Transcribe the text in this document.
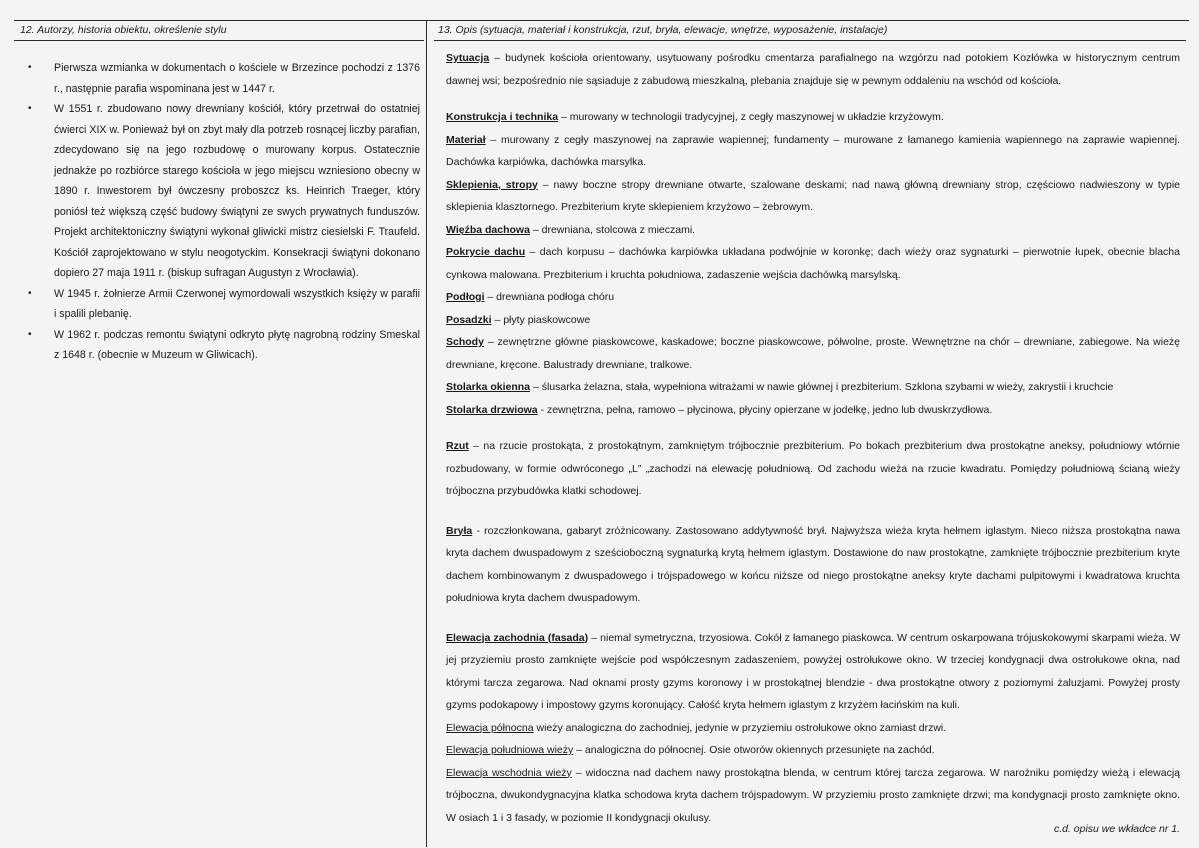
12. Autorzy, historia obiektu, określenie stylu
• Pierwsza wzmianka w dokumentach o kościele w Brzezince pochodzi z 1376 r., następnie parafia wspominana jest w 1447 r.
• W 1551 r. zbudowano nowy drewniany kościół, który przetrwał do ostatniej ćwierci XIX w. Ponieważ był on zbyt mały dla potrzeb rosnącej liczby parafian, zdecydowano się na jego rozbudowę o murowany korpus. Ostatecznie jednakże po rozbiórce starego kościoła w jego miejscu wzniesiono obecny w 1890 r. Inwestorem był ówczesny proboszcz ks. Heinrich Traeger, który poniósł też większą część budowy świątyni ze swych prywatnych funduszów. Projekt architektoniczny świątyni wykonał gliwicki mistrz ciesielski F. Traufeld. Kościół zaprojektowano w stylu neogotyckim. Konsekracji świątyni dokonano dopiero 27 maja 1911 r. (biskup sufragan Augustyn z Wrocławia).
• W 1945 r. żołnierze Armii Czerwonej wymordowali wszystkich księży w parafii i spalili plebanię.
• W 1962 r. podczas remontu świątyni odkryto płytę nagrobną rodziny Smeskal z 1648 r. (obecnie w Muzeum w Gliwicach).
13. Opis (sytuacja, materiał i konstrukcja, rzut, bryła, elewacje, wnętrze, wyposażenie, instalacje)

Sytuacja – budynek kościoła orientowany, usytuowany pośrodku cmentarza parafialnego na wzgórzu nad potokiem Kozłówka w historycznym centrum dawnej wsi; bezpośrednio nie sąsiaduje z zabudową mieszkalną, plebania znajduje się w pewnym oddaleniu na wschód od kościoła.

Konstrukcja i technika – murowany w technologii tradycyjnej, z cegły maszynowej w układzie krzyżowym.

Materiał – murowany z cegły maszynowej na zaprawie wapiennej; fundamenty – murowane z łamanego kamienia wapiennego na zaprawie wapiennej. Dachówka karpiówka, dachówka marsylka.

Sklepienia, stropy – nawy boczne stropy drewniane otwarte, szalowane deskami; nad nawą główną drewniany strop, częściowo nadwieszony w typie sklepienia klasztornego. Prezbiterium kryte sklepieniem krzyżowo – żebrowym.

Więźba dachowa – drewniana, stolcowa z mieczami.

Pokrycie dachu – dach korpusu – dachówka karpiówka układana podwójnie w koronkę; dach wieży oraz sygnaturki – pierwotnie łupek, obecnie blacha cynkowa malowana. Prezbiterium i kruchta południowa, zadaszenie wejścia dachówką marsylską.

Podłogi – drewniana podłoga chóru

Posadzki – płyty piaskowcowe

Schody – zewnętrzne główne piaskowcowe, kaskadowe; boczne piaskowcowe, półwolne, proste. Wewnętrzne na chór – drewniane, zabiegowe. Na wieżę drewniane, kręcone. Balustrady drewniane, tralkowe.

Stolarka okienna – ślusarka żelazna, stała, wypełniona witrażami w nawie głównej i prezbiterium. Szklona szybami w wieży, zakrystii i kruchcie

Stolarka drzwiowa - zewnętrzna, pełna, ramowo – płycinowa, płyciny opierzane w jodełkę, jedno lub dwuskrzydłowa.

Rzut – na rzucie prostokąta, z prostokątnym, zamkniętym trójbocznie prezbiterium. Po bokach prezbiterium dwa prostokątne aneksy, południowy wtórnie rozbudowany, w formie odwróconego „L” „zachodzi na elewację południową. Od zachodu wieża na rzucie kwadratu. Pomiędzy południową ścianą wieży trójboczna przybudówka klatki schodowej.

Bryła - rozczłonkowana, gabaryt zróżnicowany. Zastosowano addytywność brył. Najwyższa wieża kryta hełmem iglastym. Nieco niższa prostokątna nawa kryta dachem dwuspadowym z sześcioboczną sygnaturką krytą hełmem iglastym. Dostawione do naw prostokątne, zamknięte trójbocznie prezbiterium kryte dachem kombinowanym z dwuspadowego i trójspadowego w końcu niższe od niego prostokątne aneksy kryte dachami pulpitowymi i kwadratowa kruchta południowa kryta dachem dwuspadowym.

Elewacja zachodnia (fasada) – niemal symetryczna, trzyosiowa. Cokół z łamanego piaskowca. W centrum oskarpowana trójuskokowymi skarpami wieża. W jej przyziemiu prosto zamknięte wejście pod współczesnym zadaszeniem, powyżej ostrołukowe okno. W trzeciej kondygnacji dwa ostrołukowe okna, nad którymi tarcza zegarowa. Nad oknami prosty gzyms koronowy i w prostokątnej blendzie - dwa prostokątne otwory z poziomymi żaluzjami. Powyżej prosty gzyms podokapowy i impostowy gzyms koronujący. Całość kryta hełmem iglastym z krzyżem łacińskim na kuli.

Elewacja północna wieży analogiczna do zachodniej, jedynie w przyziemiu ostrołukowe okno zamiast drzwi.

Elewacja południowa wieży – analogiczna do północnej. Osie otworów okiennych przesunięte na zachód.

Elewacja wschodnia wieży – widoczna nad dachem nawy prostokątna blenda, w centrum której tarcza zegarowa. W narożniku pomiędzy wieżą i elewacją trójboczna, dwukondygnacyjna klatka schodowa kryta dachem trójspadowym. W przyziemiu prosto zamknięte drzwi; ma kondygnacji prosto zamknięte okno. W osiach 1 i 3 fasady, w poziomie II kondygnacji okulusy.

c.d. opisu we wkładce nr 1.
